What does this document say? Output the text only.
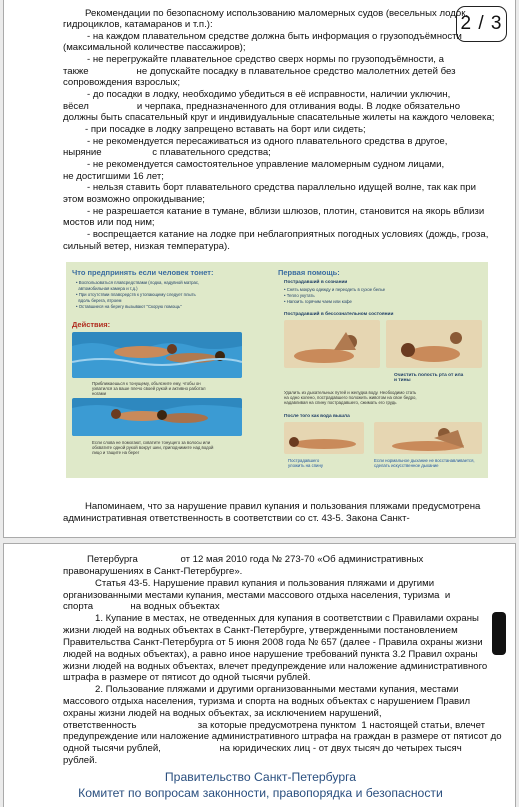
2 / 3
Рекомендации по безопасному использованию маломерных судов (весельных лодок,
гидроциклов, катамаранов и т.п.):
- на каждом плавательном средстве должна быть информация о грузоподъёмности
(максимальной количестве пассажиров);
- не перегружайте плавательное средство сверх нормы по грузоподъёмности, а
также                  не допускайте посадку в плавательное средство малолетних детей без
сопровождения взрослых;
- до посадки в лодку, необходимо убедиться в её исправности, наличии уключин,
вёсел                  и черпака, предназначенного для отливания воды. В лодке обязательно
должны быть спасательный круг и индивидуальные спасательные жилеты на каждого человека;
- при посадке в лодку запрещено вставать на борт или сидеть;
- не рекомендуется пересаживаться из одного плавательного средства в другое,
ныряние                   с плавательного средства;
- не рекомендуется самостоятельное управление маломерным судном лицами,
не достигшими 16 лет;
- нельзя ставить борт плавательного средства параллельно идущей волне, так как при
этом возможно опрокидывание;
- не разрешается катание в тумане, вблизи шлюзов, плотин, становится на якорь вблизи
мостов или под ним;
- воспрещается катание на лодке при неблагоприятных погодных условиях (дождь, гроза,
сильный ветер, низкая температура).
Напоминаем, что за нарушение правил купания и пользования пляжами предусмотрена
административная ответственность в соответствии со ст. 43-5. Закона Санкт-
Что предпринять если человек тонет:
• Воспользоваться плавсредствами (лодка, надувной матрас,
автомобильная камера и т.д.)
• При отсутствии плавсредств к утопающему следует плыть
вдоль берега, втроем
• Оставшиеся на берегу вызывают "Скорую помощь"
Действия:
Приближаешься к тонущему, объясните ему, чтобы он
ухватился за ваше плечо своей рукой и активно работал
ногами
Если слова не помогают, схватите тонущего за волосы или
обхватите одной рукой вокруг шеи, приподнимите над водой
лицо и тащите на берег
Первая помощь:
Пострадавший в сознании
• Снять мокрую одежду и переодеть в сухое белье
• Тепло укутать
• Напоить горячим чаем или кофе
Пострадавший в бессознательном состоянии
Очистить полость рта от ила
и тины
Удалить из дыхательных путей и желудка воду. Необходимо стать
на одно колено, пострадавшего положить животом на свое бедро,
надавливая на спину пострадавшего, сжимать его грудь
После того как вода вышла
Пострадавшего
уложить на спину
Если нормальное дыхание не восстанавливается,
сделать искусственное дыхание
Петербурга                от 12 мая 2010 года № 273-70 «Об административных
правонарушениях в Санкт-Петербурге».
Статья 43-5. Нарушение правил купания и пользования пляжами и другими
организованными местами купания, местами массового отдыха населения, туризма  и
спорта              на водных объектах
1. Купание в местах, не отведенных для купания в соответствии с Правилами охраны
жизни людей на водных объектах в Санкт-Петербурге, утвержденными постановлением
Правительства Санкт-Петербурга от 5 июня 2008 года № 657 (далее - Правила охраны жизни
людей на водных объектах), а равно иное нарушение требований пункта 3.2 Правил охраны
жизни людей на водных объектах, влечет предупреждение или наложение административного
штрафа в размере от пятисот до одной тысячи рублей.
2. Пользование пляжами и другими организованными местами купания, местами
массового отдыха населения, туризма и спорта на водных объектах с нарушением Правил
охраны жизни людей на водных объектах, за исключением нарушений,
ответственность                       за которые предусмотрена пунктом  1 настоящей статьи, влечет
предупреждение или наложение административного штрафа на граждан в размере от пятисот до
одной тысячи рублей,                      на юридических лиц - от двух тысяч до четырех тысяч
рублей.
Правительство Санкт-Петербурга
Комитет по вопросам законности, правопорядка и безопасности
